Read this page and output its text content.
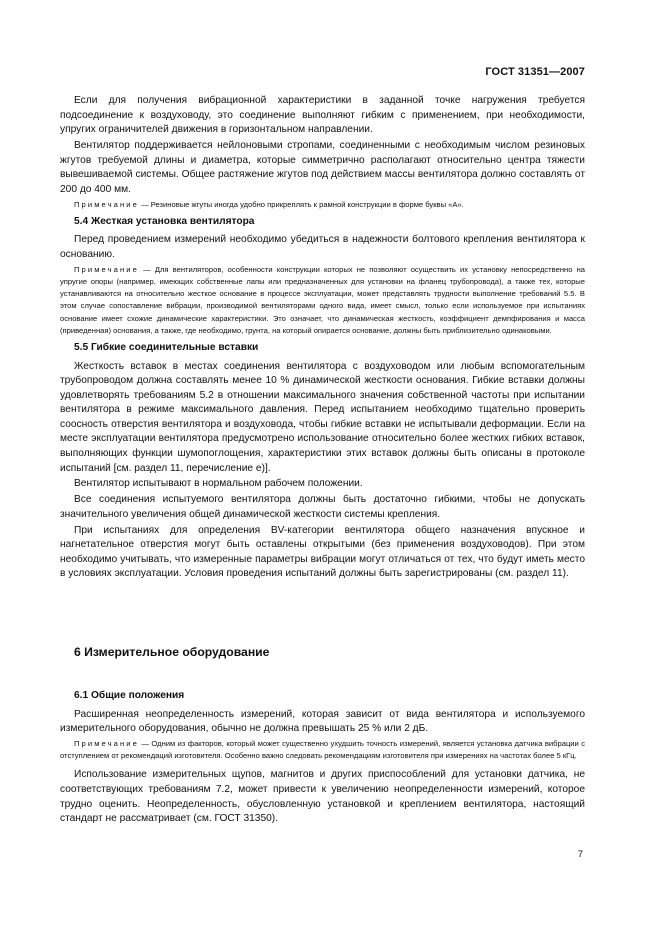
ГОСТ 31351—2007

Если для получения вибрационной характеристики в заданной точке нагружения требуется подсоединение к воздуховоду, это соединение выполняют гибким с применением, при необходимости, упругих ограничителей движения в горизонтальном направлении.

Вентилятор поддерживается нейлоновыми стропами, соединенными с необходимым числом резиновых жгутов требуемой длины и диаметра, которые симметрично располагают относительно центра тяжести вывешиваемой системы. Общее растяжение жгутов под действием массы вентилятора должно составлять от 200 до 400 мм.

Примечание — Резиновые жгуты иногда удобно прикреплять к рамной конструкции в форме буквы «А».

5.4 Жесткая установка вентилятора

Перед проведением измерений необходимо убедиться в надежности болтового крепления вентилятора к основанию.

Примечание — Для вентиляторов, особенности конструкции которых не позволяют осуществить их установку непосредственно на упругие опоры (например, имеющих собственные лапы или предназначенных для установки на фланец трубопровода), а также тех, которые устанавливаются на относительно жесткое основание в процессе эксплуатации, может представлять трудности выполнение требований 5.5. В этом случае сопоставление вибрации, производимой вентиляторами одного вида, имеет смысл, только если используемое при испытаниях основание имеет схожие динамические характеристики. Это означает, что динамическая жесткость, коэффициент демпфирования и масса (приведенная) основания, а также, где необходимо, грунта, на который опирается основание, должны быть приблизительно одинаковыми.

5.5 Гибкие соединительные вставки

Жесткость вставок в местах соединения вентилятора с воздуховодом или любым вспомогательным трубопроводом должна составлять менее 10 % динамической жесткости основания. Гибкие вставки должны удовлетворять требованиям 5.2 в отношении максимального значения собственной частоты при испытании вентилятора в режиме максимального давления. Перед испытанием необходимо тщательно проверить соосность отверстия вентилятора и воздуховода, чтобы гибкие вставки не испытывали деформации. Если на месте эксплуатации вентилятора предусмотрено использование относительно более жестких гибких вставок, выполняющих функции шумопоглощения, характеристики этих вставок должны быть описаны в протоколе испытаний [см. раздел 11, перечисление е)].

Вентилятор испытывают в нормальном рабочем положении.

Все соединения испытуемого вентилятора должны быть достаточно гибкими, чтобы не допускать значительного увеличения общей динамической жесткости системы крепления.

При испытаниях для определения BV-категории вентилятора общего назначения впускное и нагнетательное отверстия могут быть оставлены открытыми (без применения воздуховодов). При этом необходимо учитывать, что измеренные параметры вибрации могут отличаться от тех, что будут иметь место в условиях эксплуатации. Условия проведения испытаний должны быть зарегистрированы (см. раздел 11).

6 Измерительное оборудование
6.1 Общие положения

Расширенная неопределенность измерений, которая зависит от вида вентилятора и используемого измерительного оборудования, обычно не должна превышать 25 % или 2 дБ.

Примечание — Одним из факторов, который может существенно ухудшить точность измерений, является установка датчика вибрации с отступлением от рекомендаций изготовителя. Особенно важно следовать рекомендациям изготовителя при измерениях на частотах более 5 кГц.

Использование измерительных щупов, магнитов и других приспособлений для установки датчика, не соответствующих требованиям 7.2, может привести к увеличению неопределенности измерений, которое трудно оценить. Неопределенность, обусловленную установкой и креплением вентилятора, настоящий стандарт не рассматривает (см. ГОСТ 31350).

7
